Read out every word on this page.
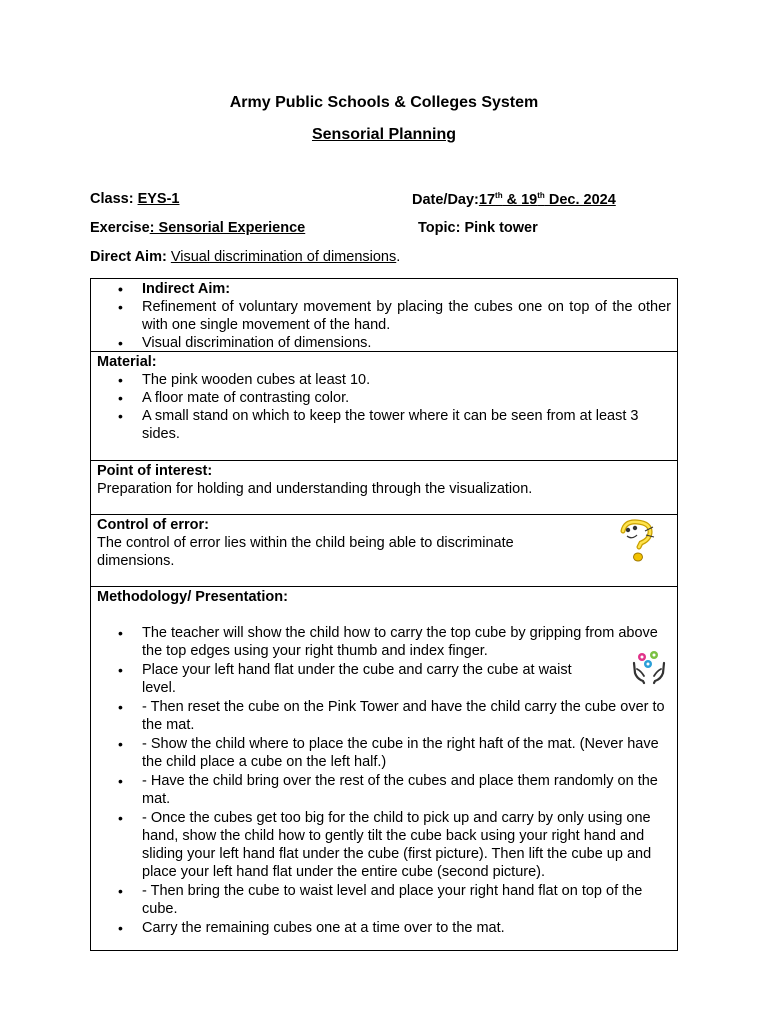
Army Public Schools & Colleges System
Sensorial Planning
Class: EYS-1	Date/Day:17th & 19th Dec. 2024
Exercise: Sensorial Experience	Topic: Pink tower
Direct Aim: Visual discrimination of dimensions.
• Indirect Aim:
• Refinement of voluntary movement by placing the cubes one on top of the other with one single movement of the hand.
• Visual discrimination of dimensions.
Material:
• The pink wooden cubes at least 10.
• A floor mate of contrasting color.
• A small stand on which to keep the tower where it can be seen from at least 3 sides.
Point of interest:
Preparation for holding and understanding through the visualization.
Control of error:
The control of error lies within the child being able to discriminate dimensions.
Methodology/ Presentation:
• The teacher will show the child how to carry the top cube by gripping from above the top edges using your right thumb and index finger.
• Place your left hand flat under the cube and carry the cube at waist level.
• - Then reset the cube on the Pink Tower and have the child carry the cube over to the mat.
• - Show the child where to place the cube in the right haft of the mat. (Never have the child place a cube on the left half.)
• - Have the child bring over the rest of the cubes and place them randomly on the mat.
• - Once the cubes get too big for the child to pick up and carry by only using one hand, show the child how to gently tilt the cube back using your right hand and sliding your left hand flat under the cube (first picture). Then lift the cube up and place your left hand flat under the entire cube (second picture).
• - Then bring the cube to waist level and place your right hand flat on top of the cube.
• Carry the remaining cubes one at a time over to the mat.
